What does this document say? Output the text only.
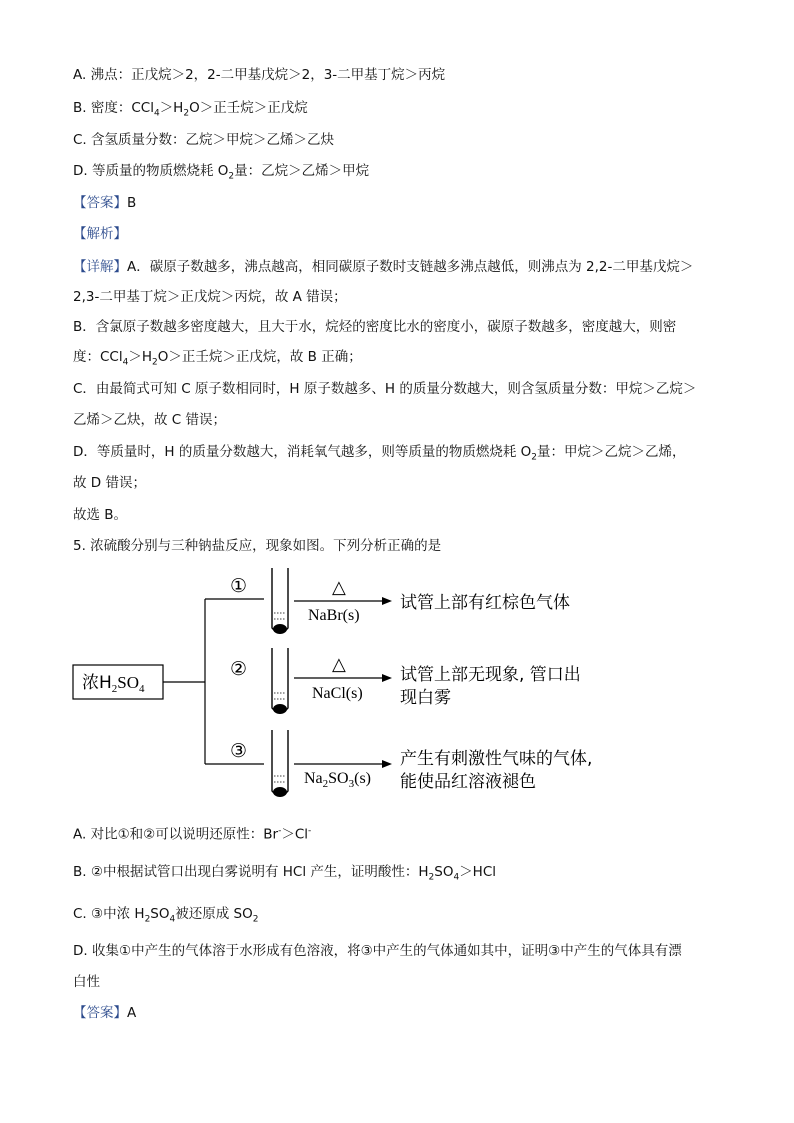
A. 沸点：正戊烷＞2，2-二甲基戊烷＞2，3-二甲基丁烷＞丙烷
B. 密度：$CCl_4>H_2O>$正壬烷＞正戊烷
C. 含氢质量分数：乙烷＞甲烷＞乙烯＞乙炔
D. 等质量的物质燃烧耗 $O_2$量：乙烷＞乙烯＞甲烷
【答案】B
【解析】
【详解】A．碳原子数越多，沸点越高，相同碳原子数时支链越多沸点越低，则沸点为 2,2-二甲基戊烷＞
2,3-二甲基丁烷＞正戊烷＞丙烷，故 A 错误；
B．含氯原子数越多密度越大，且大于水，烷烃的密度比水的密度小，碳原子数越多，密度越大，则密
度：$CCl_4>H_2O>$正壬烷＞正戊烷，故 B 正确；
C．由最简式可知 C 原子数相同时，H 原子数越多、H 的质量分数越大，则含氢质量分数：甲烷＞乙烷＞
乙烯＞乙炔，故 C 错误；
D．等质量时，H 的质量分数越大，消耗氧气越多，则等质量的物质燃烧耗 $O_2$量：甲烷＞乙烷＞乙烯，
故 D 错误；
故选 B。
5. 浓硫酸分别与三种钠盐反应，现象如图。下列分析正确的是
浓$H_2SO_4$
①
②
③
△
△
NaBr(s)
NaCl(s)
$Na_2SO_3(s)$
试管上部有红棕色气体
试管上部无现象, 管口出
现白雾
产生有刺激性气味的气体,
能使品红溶液褪色
A. 对比①和②可以说明还原性：Br-＞Cl-
B. ②中根据试管口出现白雾说明有 HCl 产生，证明酸性：$H_2SO_4>HCl$
C. ③中浓 $H_2SO_4$被还原成 $SO_2$
D. 收集①中产生的气体溶于水形成有色溶液，将③中产生的气体通如其中，证明③中产生的气体具有漂
白性
【答案】A
